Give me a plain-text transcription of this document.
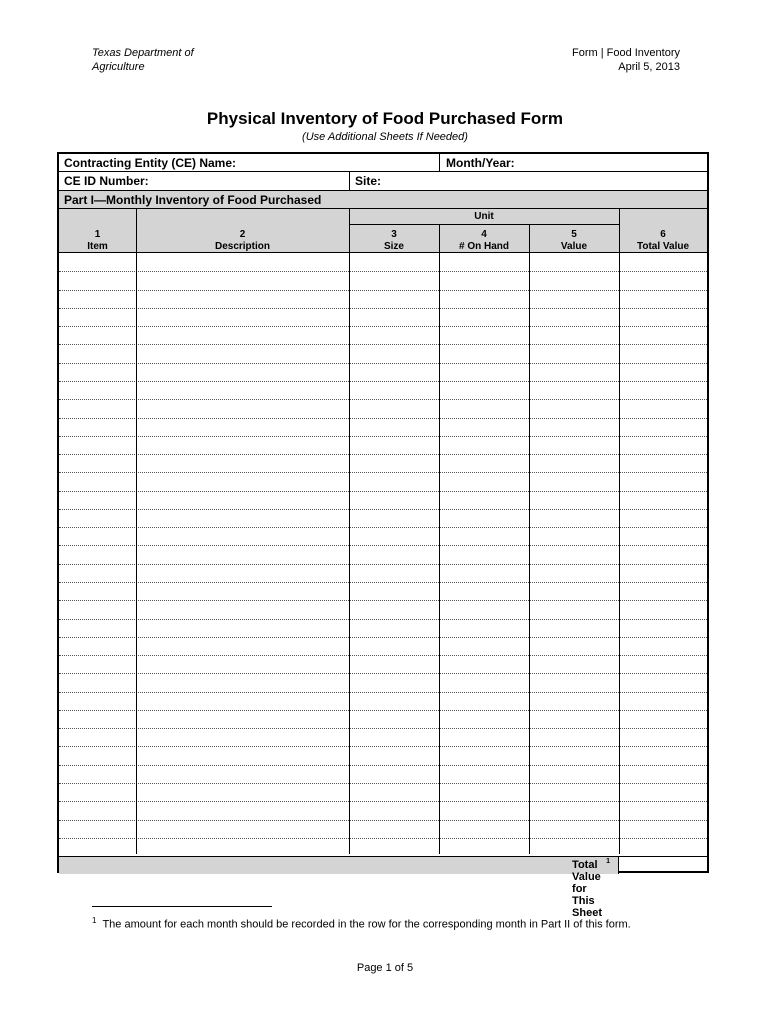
Texas Department of
Agriculture
Form | Food Inventory
April 5, 2013
Physical Inventory of Food Purchased Form
(Use Additional Sheets If Needed)
Contracting Entity (CE) Name:	Month/Year:
CE ID Number:	Site:
Part I—Monthly Inventory of Food Purchased
1
Item
2
Description
Unit
3
Size
4
# On Hand
5
Value
6
Total Value
Total Value for This Sheet
$^1$
$^1$ The amount for each month should be recorded in the row for the corresponding month in Part II of this form.
Page 1 of 5
